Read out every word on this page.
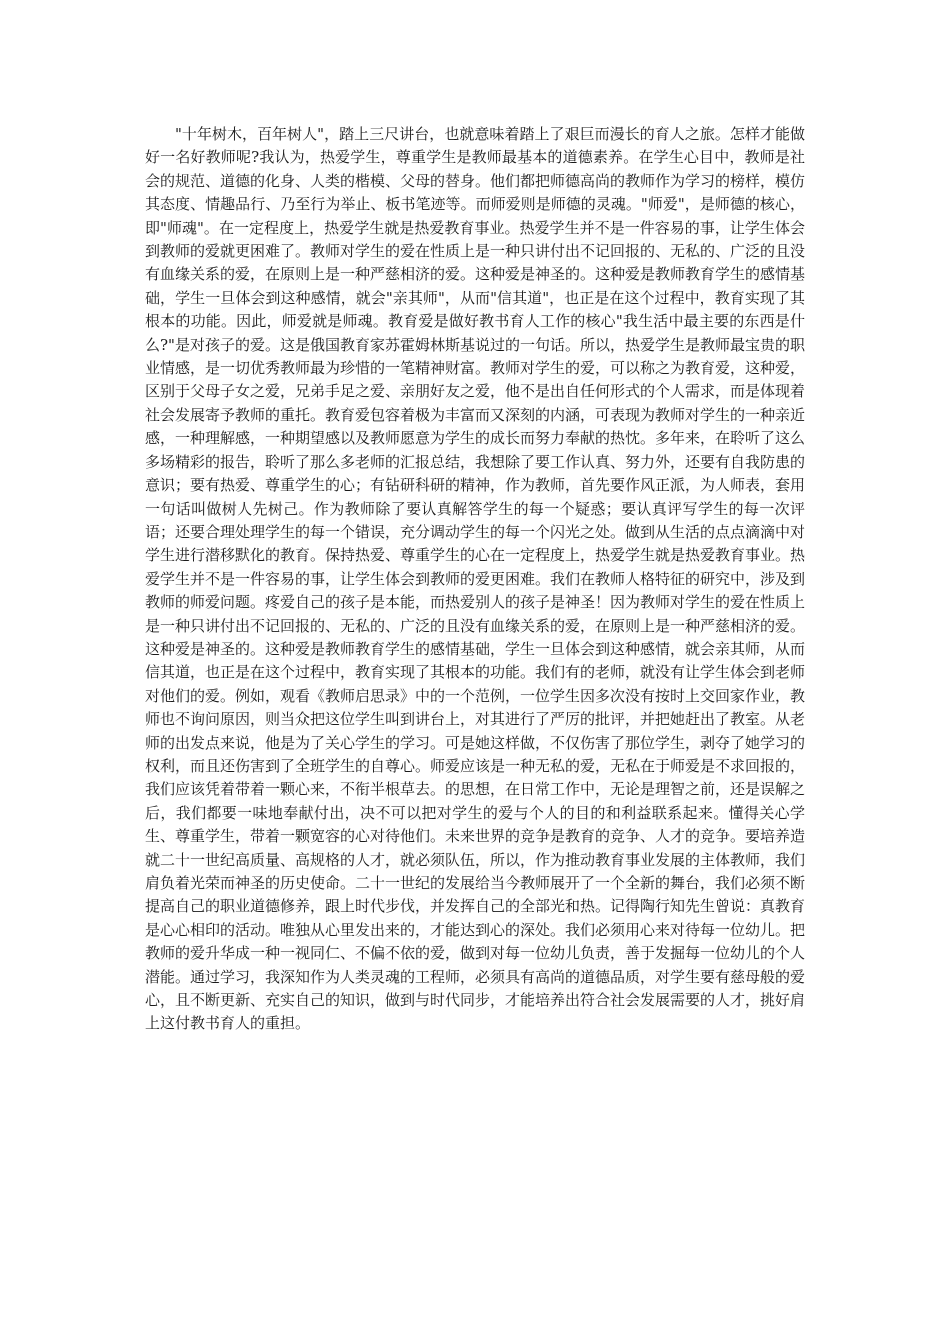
"十年树木，百年树人"，踏上三尺讲台，也就意味着踏上了艰巨而漫长的育人之旅。怎样才能做好一名好教师呢?我认为，热爱学生，尊重学生是教师最基本的道德素养。在学生心目中，教师是社会的规范、道德的化身、人类的楷模、父母的替身。他们都把师德高尚的教师作为学习的榜样，模仿其态度、情趣品行、乃至行为举止、板书笔迹等。而师爱则是师德的灵魂。"师爱"，是师德的核心，即"师魂"。在一定程度上，热爱学生就是热爱教育事业。热爱学生并不是一件容易的事，让学生体会到教师的爱就更困难了。教师对学生的爱在性质上是一种只讲付出不记回报的、无私的、广泛的且没有血缘关系的爱，在原则上是一种严慈相济的爱。这种爱是神圣的。这种爱是教师教育学生的感情基础，学生一旦体会到这种感情，就会"亲其师"，从而"信其道"，也正是在这个过程中，教育实现了其根本的功能。因此，师爱就是师魂。教育爱是做好教书育人工作的核心"我生活中最主要的东西是什么?"是对孩子的爱。这是俄国教育家苏霍姆林斯基说过的一句话。所以，热爱学生是教师最宝贵的职业情感，是一切优秀教师最为珍惜的一笔精神财富。教师对学生的爱，可以称之为教育爱，这种爱，区别于父母子女之爱，兄弟手足之爱、亲朋好友之爱，他不是出自任何形式的个人需求，而是体现着社会发展寄予教师的重托。教育爱包容着极为丰富而又深刻的内涵，可表现为教师对学生的一种亲近感，一种理解感，一种期望感以及教师愿意为学生的成长而努力奉献的热忱。多年来，在聆听了这么多场精彩的报告，聆听了那么多老师的汇报总结，我想除了要工作认真、努力外，还要有自我防患的意识；要有热爱、尊重学生的心；有钻研科研的精神，作为教师，首先要作风正派，为人师表，套用一句话叫做树人先树己。作为教师除了要认真解答学生的每一个疑惑；要认真评写学生的每一次评语；还要合理处理学生的每一个错误，充分调动学生的每一个闪光之处。做到从生活的点点滴滴中对学生进行潜移默化的教育。保持热爱、尊重学生的心在一定程度上，热爱学生就是热爱教育事业。热爱学生并不是一件容易的事，让学生体会到教师的爱更困难。我们在教师人格特征的研究中，涉及到教师的师爱问题。疼爱自己的孩子是本能，而热爱别人的孩子是神圣！因为教师对学生的爱在性质上是一种只讲付出不记回报的、无私的、广泛的且没有血缘关系的爱，在原则上是一种严慈相济的爱。这种爱是神圣的。这种爱是教师教育学生的感情基础，学生一旦体会到这种感情，就会亲其师，从而信其道，也正是在这个过程中，教育实现了其根本的功能。我们有的老师，就没有让学生体会到老师对他们的爱。例如，观看《教师启思录》中的一个范例，一位学生因多次没有按时上交回家作业，教师也不询问原因，则当众把这位学生叫到讲台上，对其进行了严厉的批评，并把她赶出了教室。从老师的出发点来说，他是为了关心学生的学习。可是她这样做，不仅伤害了那位学生，剥夺了她学习的权利，而且还伤害到了全班学生的自尊心。师爱应该是一种无私的爱，无私在于师爱是不求回报的，我们应该凭着带着一颗心来，不衔半根草去。的思想，在日常工作中，无论是理智之前，还是误解之后，我们都要一味地奉献付出，决不可以把对学生的爱与个人的目的和利益联系起来。懂得关心学生、尊重学生，带着一颗宽容的心对待他们。未来世界的竞争是教育的竞争、人才的竞争。要培养造就二十一世纪高质量、高规格的人才，就必须队伍，所以，作为推动教育事业发展的主体教师，我们肩负着光荣而神圣的历史使命。二十一世纪的发展给当今教师展开了一个全新的舞台，我们必须不断提高自己的职业道德修养，跟上时代步伐，并发挥自己的全部光和热。记得陶行知先生曾说：真教育是心心相印的活动。唯独从心里发出来的，才能达到心的深处。我们必须用心来对待每一位幼儿。把教师的爱升华成一种一视同仁、不偏不依的爱，做到对每一位幼儿负责，善于发掘每一位幼儿的个人潜能。通过学习，我深知作为人类灵魂的工程师，必须具有高尚的道德品质，对学生要有慈母般的爱心，且不断更新、充实自己的知识，做到与时代同步，才能培养出符合社会发展需要的人才，挑好肩上这付教书育人的重担。
